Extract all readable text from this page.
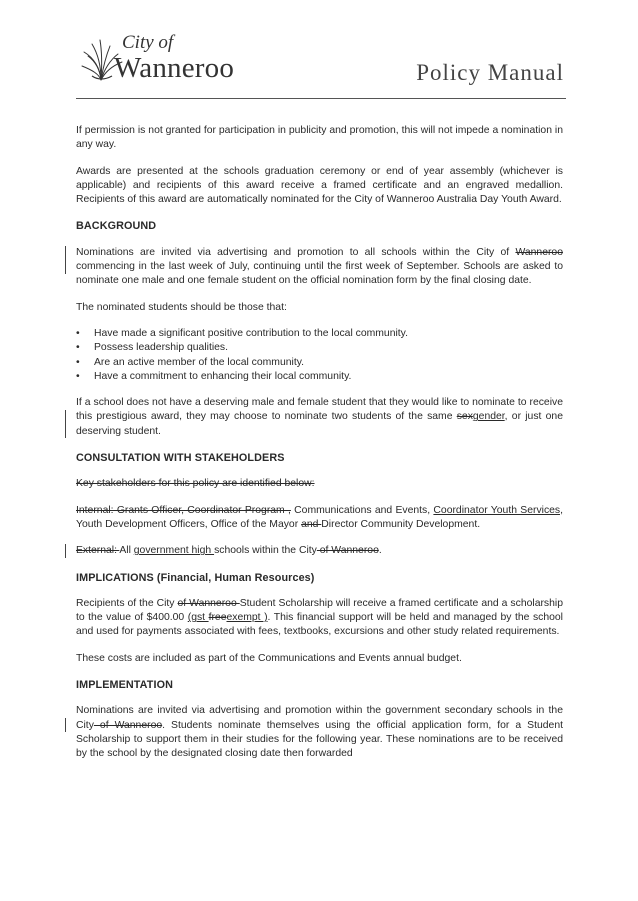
City of
Wanneroo	Policy Manual

If permission is not granted for participation in publicity and promotion, this will not impede a nomination in any way.

Awards are presented at the schools graduation ceremony or end of year assembly (whichever is applicable) and recipients of this award receive a framed certificate and an engraved medallion. Recipients of this award are automatically nominated for the City of Wanneroo Australia Day Youth Award.

BACKGROUND

Nominations are invited via advertising and promotion to all schools within the City of Wanneroo commencing in the last week of July, continuing until the first week of September. Schools are asked to nominate one male and one female student on the official nomination form by the final closing date.

The nominated students should be those that:

• Have made a significant positive contribution to the local community.
• Possess leadership qualities.
• Are an active member of the local community.
• Have a commitment to enhancing their local community.

If a school does not have a deserving male and female student that they would like to nominate to receive this prestigious award, they may choose to nominate two students of the same sexgender, or just one deserving student.

CONSULTATION WITH STAKEHOLDERS

Key stakeholders for this policy are identified below:

Internal: Grants Officer, Coordinator Program , Communications and Events, Coordinator Youth Services, Youth Development Officers, Office of the Mayor and Director Community Development.

External: All government high schools within the City of Wanneroo.

IMPLICATIONS (Financial, Human Resources)

Recipients of the City of Wanneroo Student Scholarship will receive a framed certificate and a scholarship to the value of $400.00 (gst freeexempt ). This financial support will be held and managed by the school and used for payments associated with fees, textbooks, excursions and other study related requirements.

These costs are included as part of the Communications and Events annual budget.

IMPLEMENTATION

Nominations are invited via advertising and promotion within the government secondary schools in the City of Wanneroo. Students nominate themselves using the official application form, for a Student Scholarship to support them in their studies for the following year. These nominations are to be received by the school by the designated closing date then forwarded
